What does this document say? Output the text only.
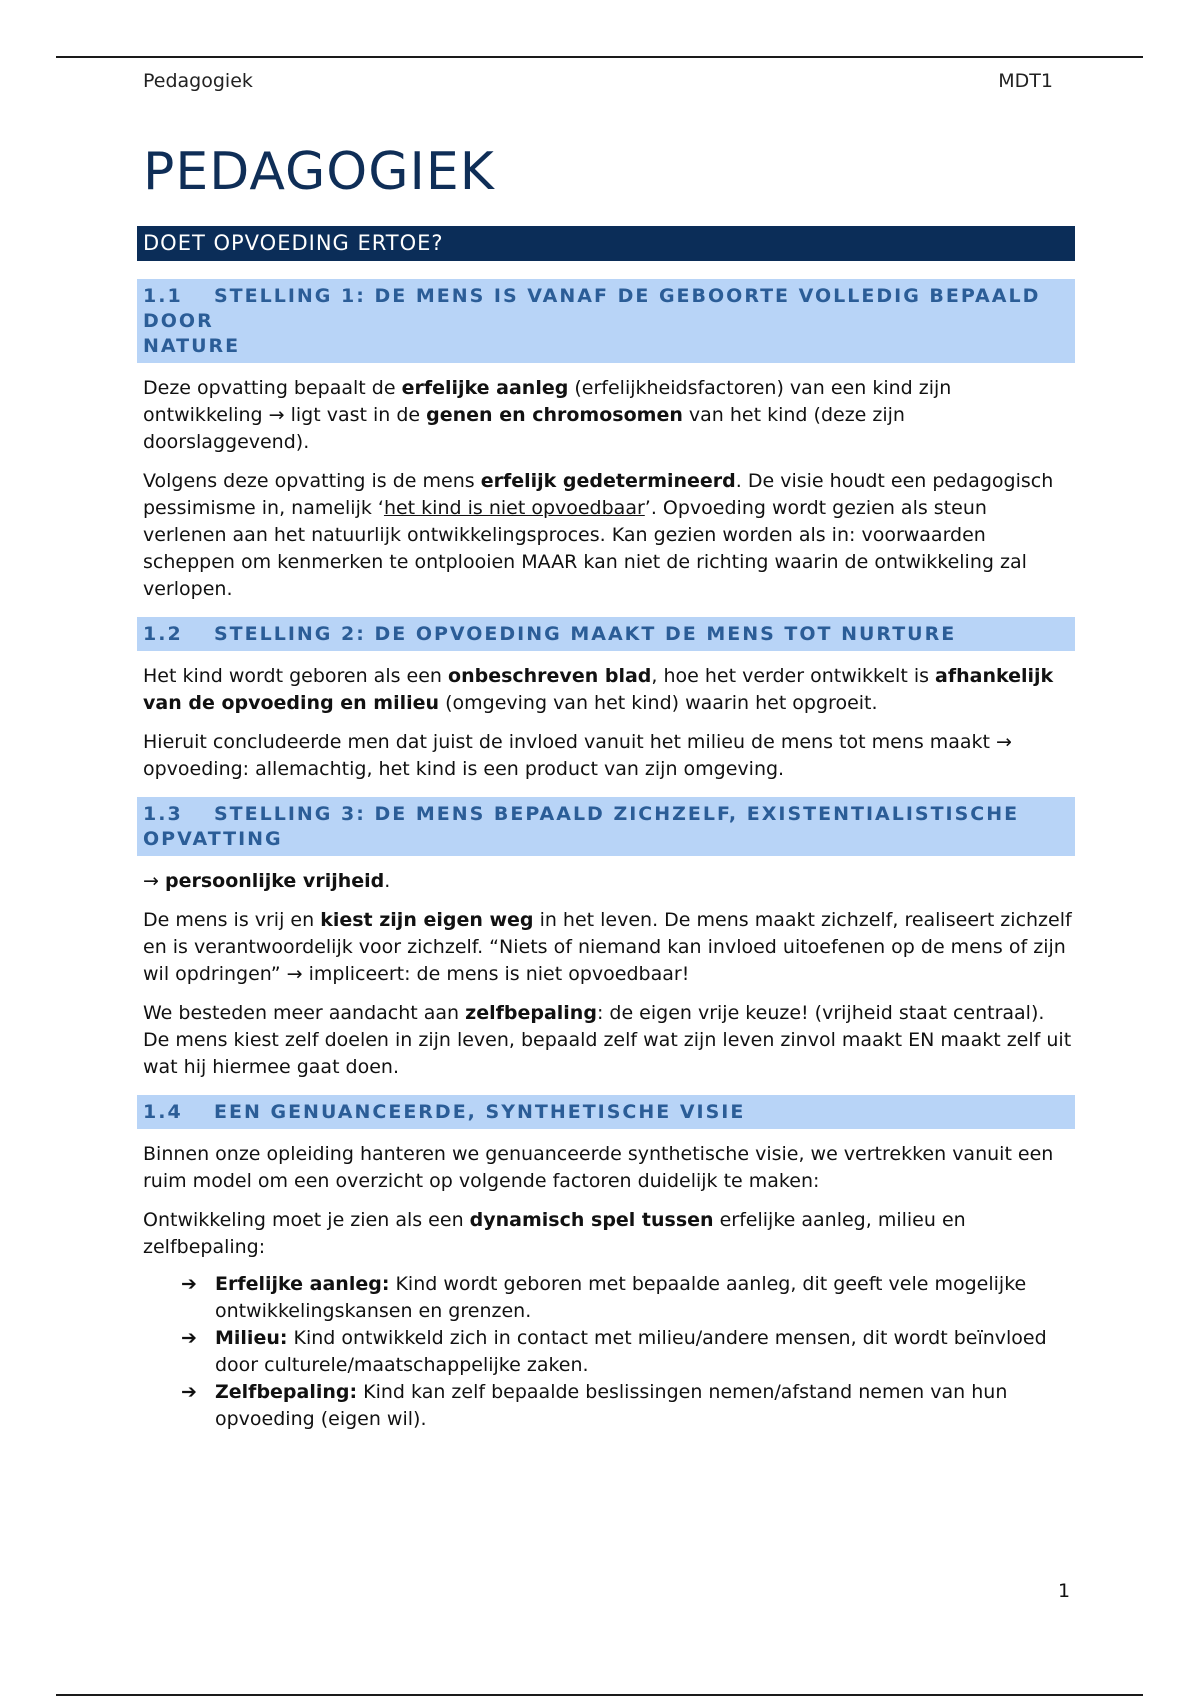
Pedagogiek	MDT1
PEDAGOGIEK
DOET OPVOEDING ERTOE?
1.1 STELLING 1: DE MENS IS VANAF DE GEBOORTE VOLLEDIG BEPAALD DOOR
NATURE

Deze opvatting bepaalt de erfelijke aanleg (erfelijkheidsfactoren) van een kind zijn ontwikkeling → ligt vast in de genen en chromosomen van het kind (deze zijn doorslaggevend).

Volgens deze opvatting is de mens erfelijk gedetermineerd. De visie houdt een pedagogisch pessimisme in, namelijk ‘het kind is niet opvoedbaar’. Opvoeding wordt gezien als steun verlenen aan het natuurlijk ontwikkelingsproces. Kan gezien worden als in: voorwaarden scheppen om kenmerken te ontplooien MAAR kan niet de richting waarin de ontwikkeling zal verlopen.

1.2 STELLING 2: DE OPVOEDING MAAKT DE MENS TOT NURTURE

Het kind wordt geboren als een onbeschreven blad, hoe het verder ontwikkelt is afhankelijk van de opvoeding en milieu (omgeving van het kind) waarin het opgroeit.

Hieruit concludeerde men dat juist de invloed vanuit het milieu de mens tot mens maakt → opvoeding: allemachtig, het kind is een product van zijn omgeving.

1.3 STELLING 3: DE MENS BEPAALD ZICHZELF, EXISTENTIALISTISCHE
OPVATTING

→ persoonlijke vrijheid.

De mens is vrij en kiest zijn eigen weg in het leven. De mens maakt zichzelf, realiseert zichzelf en is verantwoordelijk voor zichzelf. “Niets of niemand kan invloed uitoefenen op de mens of zijn wil opdringen” → impliceert: de mens is niet opvoedbaar!

We besteden meer aandacht aan zelfbepaling: de eigen vrije keuze! (vrijheid staat centraal). De mens kiest zelf doelen in zijn leven, bepaald zelf wat zijn leven zinvol maakt EN maakt zelf uit wat hij hiermee gaat doen.

1.4 EEN GENUANCEERDE, SYNTHETISCHE VISIE

Binnen onze opleiding hanteren we genuanceerde synthetische visie, we vertrekken vanuit een ruim model om een overzicht op volgende factoren duidelijk te maken:

Ontwikkeling moet je zien als een dynamisch spel tussen erfelijke aanleg, milieu en zelfbepaling:

➔ Erfelijke aanleg: Kind wordt geboren met bepaalde aanleg, dit geeft vele mogelijke ontwikkelingskansen en grenzen.
➔ Milieu: Kind ontwikkeld zich in contact met milieu/andere mensen, dit wordt beïnvloed door culturele/maatschappelijke zaken.
➔ Zelfbepaling: Kind kan zelf bepaalde beslissingen nemen/afstand nemen van hun opvoeding (eigen wil).
1
